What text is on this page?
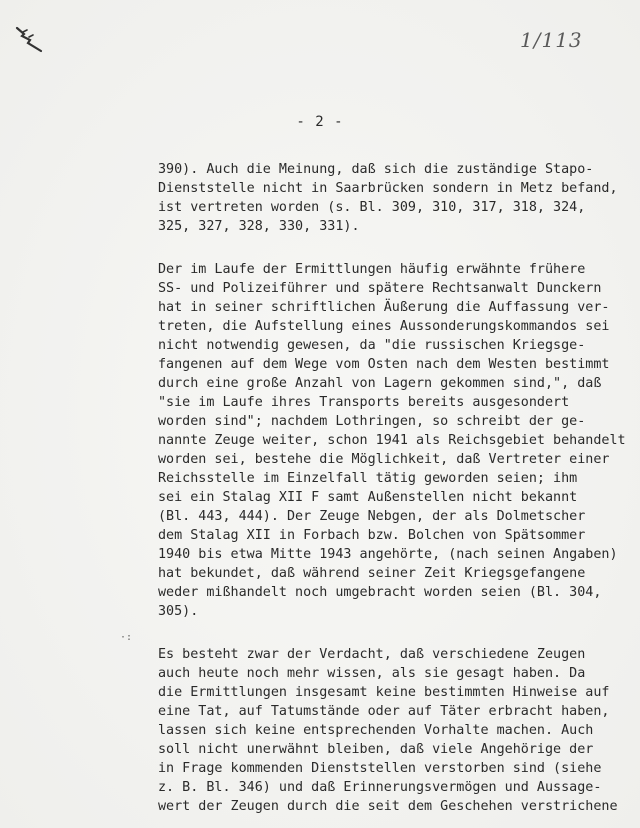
1/113
- 2 -
390). Auch die Meinung, daß sich die zuständige Stapo-
Dienststelle nicht in Saarbrücken sondern in Metz befand,
ist vertreten worden (s. Bl. 309, 310, 317, 318, 324,
325, 327, 328, 330, 331).
Der im Laufe der Ermittlungen häufig erwähnte frühere
SS- und Polizeiführer und spätere Rechtsanwalt Dunckern
hat in seiner schriftlichen Äußerung die Auffassung ver-
treten, die Aufstellung eines Aussonderungskommandos sei
nicht notwendig gewesen, da "die russischen Kriegsge-
fangenen auf dem Wege vom Osten nach dem Westen bestimmt
durch eine große Anzahl von Lagern gekommen sind,", daß
"sie im Laufe ihres Transports bereits ausgesondert
worden sind"; nachdem Lothringen, so schreibt der ge-
nannte Zeuge weiter, schon 1941 als Reichsgebiet behandelt
worden sei, bestehe die Möglichkeit, daß Vertreter einer
Reichsstelle im Einzelfall tätig geworden seien; ihm
sei ein Stalag XII F samt Außenstellen nicht bekannt
(Bl. 443, 444). Der Zeuge Nebgen, der als Dolmetscher
dem Stalag XII in Forbach bzw. Bolchen von Spätsommer
1940 bis etwa Mitte 1943 angehörte, (nach seinen Angaben)
hat bekundet, daß während seiner Zeit Kriegsgefangene
weder mißhandelt noch umgebracht worden seien (Bl. 304,
305).
Es besteht zwar der Verdacht, daß verschiedene Zeugen
auch heute noch mehr wissen, als sie gesagt haben. Da
die Ermittlungen insgesamt keine bestimmten Hinweise auf
eine Tat, auf Tatumstände oder auf Täter erbracht haben,
lassen sich keine entsprechenden Vorhalte machen. Auch
soll nicht unerwähnt bleiben, daß viele Angehörige der
in Frage kommenden Dienststellen verstorben sind (siehe
z. B. Bl. 346) und daß Erinnerungsvermögen und Aussage-
wert der Zeugen durch die seit dem Geschehen verstrichene
·:
